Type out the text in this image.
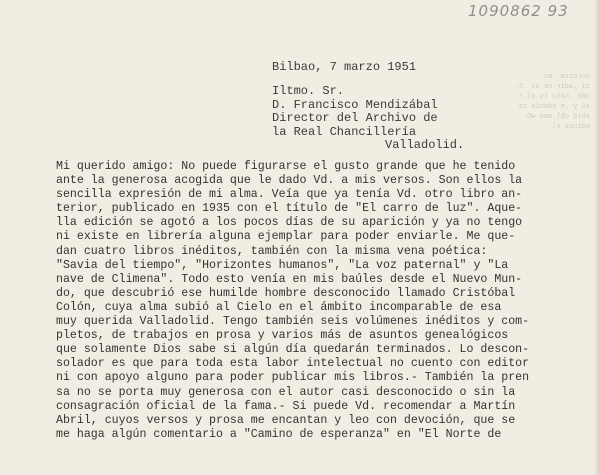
1090862 93
ooroisa. mo
sí ,adir ne si .C-
odó ,hatu ts ol r
sú y ,e sdonia cs
abid ubl omo wO.
odiuos ol
Bilbao, 7 marzo 1951
Iltmo. Sr.
D. Francisco Mendizábal
Director del Archivo de
la Real Chancillería
Valladolid.
Mi querido amigo: No puede figurarse el gusto grande que he tenido
ante la generosa acogida que le dado Vd. a mis versos. Son ellos la
sencilla expresión de mi alma. Veía que ya tenía Vd. otro libro an-
terior, publicado en 1935 con el título de "El carro de luz". Aque-
lla edición se agotó a los pocos días de su aparición y ya no tengo
ni existe en librería alguna ejemplar para poder enviarle. Me que-
dan cuatro libros inéditos, también con la misma vena poética:
"Savia del tiempo", "Horizontes humanos", "La voz paternal" y "La
nave de Climena". Todo esto venía en mis baúles desde el Nuevo Mun-
do, que descubrió ese humilde hombre desconocido llamado Cristóbal
Colón, cuya alma subió al Cielo en el ámbito incomparable de esa
muy querida Valladolid. Tengo también seis volúmenes inéditos y com-
pletos, de trabajos en prosa y varios más de asuntos genealógicos
que solamente Dios sabe si algún día quedarán terminados. Lo descon-
solador es que para toda esta labor intelectual no cuento con editor
ni con apoyo alguno para poder publicar mis libros.- También la pren
sa no se porta muy generosa con el autor casi desconocido o sin la
consagración oficial de la fama.- Si puede Vd. recomendar a Martín
Abril, cuyos versos y prosa me encantan y leo con devoción, que se
me haga algún comentario a "Camino de esperanza" en "El Norte de
